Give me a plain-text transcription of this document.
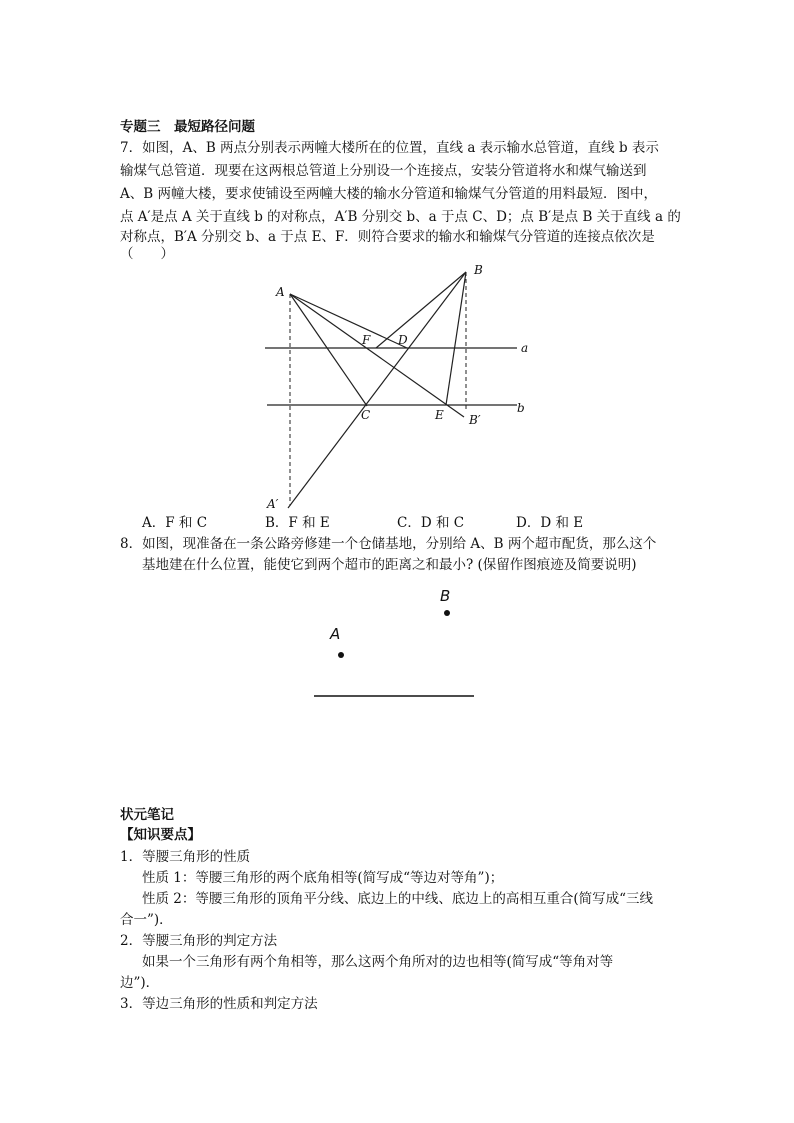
专题三　最短路径问题
7．如图，A、B 两点分别表示两幢大楼所在的位置，直线 a 表示输水总管道，直线 b 表示
输煤气总管道．现要在这两根总管道上分别设一个连接点，安装分管道将水和煤气输送到
A、B 两幢大楼，要求使铺设至两幢大楼的输水分管道和输煤气分管道的用料最短．图中，
点 A′是点 A 关于直线 b 的对称点，A′B 分别交 b、a 于点 C、D；点 B′是点 B 关于直线 a 的
对称点，B′A 分别交 b、a 于点 E、F．则符合要求的输水和输煤气分管道的连接点依次是
（　　）
A
B
F D
a
b
C	E B′
A′
A．F 和 C	B．F 和 E	C．D 和 C	D．D 和 E
8．如图，现准备在一条公路旁修建一个仓储基地，分别给 A、B 两个超市配货，那么这个
基地建在什么位置，能使它到两个超市的距离之和最小? (保留作图痕迹及简要说明)
B
A
状元笔记
【知识要点】
1．等腰三角形的性质
性质 1：等腰三角形的两个底角相等(简写成“等边对等角”)；
性质 2：等腰三角形的顶角平分线、底边上的中线、底边上的高相互重合(简写成“三线
合一”)．
2．等腰三角形的判定方法
如果一个三角形有两个角相等，那么这两个角所对的边也相等(简写成“等角对等
边”)．
3．等边三角形的性质和判定方法
